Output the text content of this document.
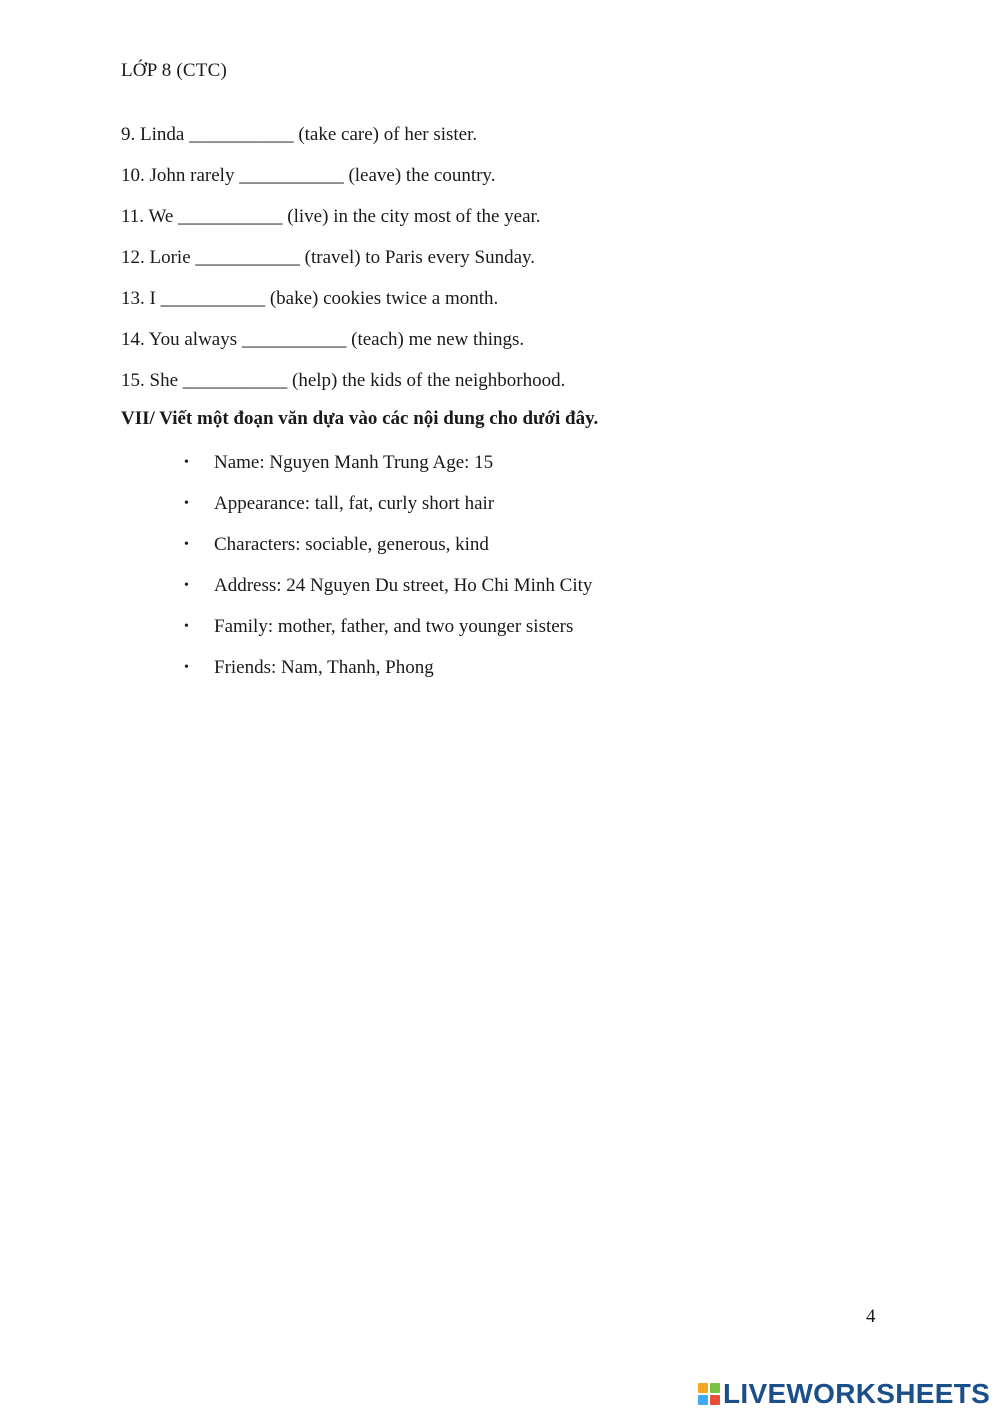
LỚP 8 (CTC)
9. Linda ___________ (take care) of her sister.
10. John rarely ___________ (leave) the country.
11. We ___________ (live) in the city most of the year.
12. Lorie ___________ (travel) to Paris every Sunday.
13. I ___________ (bake) cookies twice a month.
14. You always ___________ (teach) me new things.
15. She ___________ (help) the kids of the neighborhood.
VII/ Viết một đoạn văn dựa vào các nội dung cho dưới đây.
• Name: Nguyen Manh Trung Age: 15
• Appearance: tall, fat, curly short hair
• Characters: sociable, generous, kind
• Address: 24 Nguyen Du street, Ho Chi Minh City
• Family: mother, father, and two younger sisters
• Friends: Nam, Thanh, Phong
4
LIVEWORKSHEETS
